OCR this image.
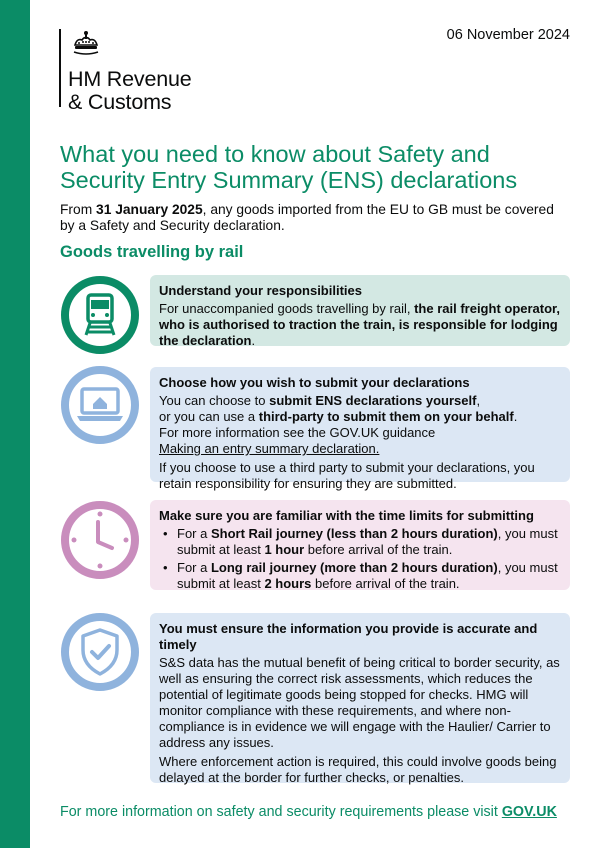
06 November 2024
HM Revenue
& Customs
What you need to know about Safety and Security Entry Summary (ENS) declarations
From 31 January 2025, any goods imported from the EU to GB must be covered by a Safety and Security declaration.
Goods travelling by rail
Understand your responsibilities

For unaccompanied goods travelling by rail, the rail freight operator, who is authorised to traction the train, is responsible for lodging the declaration.

Choose how you wish to submit your declarations

You can choose to submit ENS declarations yourself,
or you can use a third-party to submit them on your behalf.
For more information see the GOV.UK guidance
Making an entry summary declaration.

If you choose to use a third party to submit your declarations, you retain responsibility for ensuring they are submitted.

Make sure you are familiar with the time limits for submitting
• For a Short Rail journey (less than 2 hours duration), you must submit at least 1 hour before arrival of the train.
• For a Long rail journey (more than 2 hours duration), you must submit at least 2 hours before arrival of the train.
You must ensure the information you provide is accurate and timely

S&S data has the mutual benefit of being critical to border security, as well as ensuring the correct risk assessments, which reduces the potential of legitimate goods being stopped for checks. HMG will monitor compliance with these requirements, and where non-compliance is in evidence we will engage with the Haulier/ Carrier to address any issues.

Where enforcement action is required, this could involve goods being delayed at the border for further checks, or penalties.

For more information on safety and security requirements please visit GOV.UK
